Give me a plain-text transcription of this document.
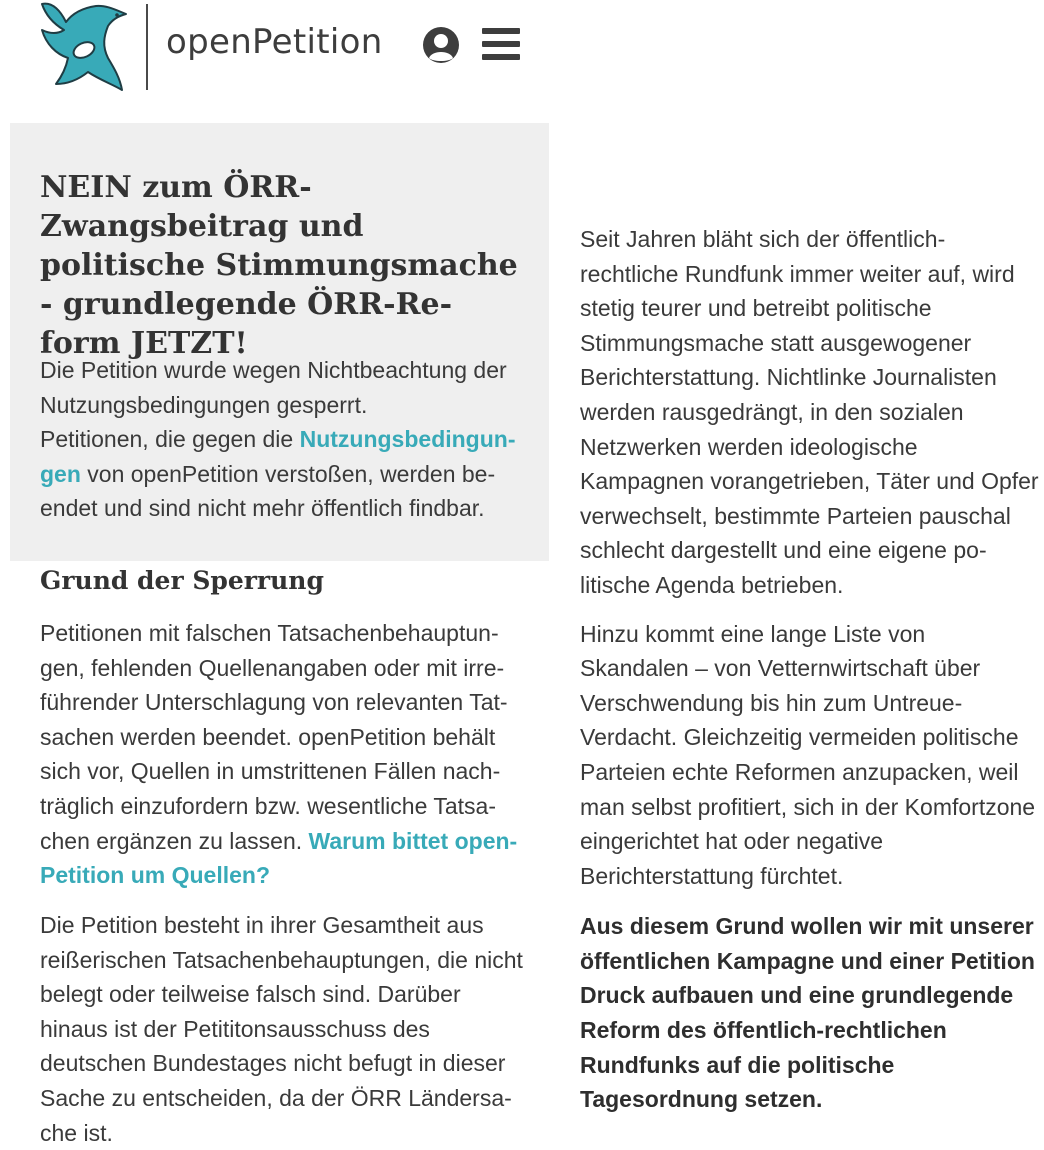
openPetition
NEIN zum ÖRR-Zwangsbeitrag und politische Stimmungsmache - grundlegende ÖRR-Reform JETZT!

Die Petition wurde wegen Nichtbeachtung der Nutzungsbedingungen gesperrt.
Petitionen, die gegen die Nutzungsbedingungen von openPetition verstoßen, werden beendet und sind nicht mehr öffentlich findbar.

Grund der Sperrung

Petitionen mit falschen Tatsachenbehauptungen, fehlenden Quellenangaben oder mit irreführender Unterschlagung von relevanten Tatsachen werden beendet. openPetition behält sich vor, Quellen in umstrittenen Fällen nachträglich einzufordern bzw. wesentliche Tatsachen ergänzen zu lassen. Warum bittet openPetition um Quellen?

Die Petition besteht in ihrer Gesamtheit aus reißerischen Tatsachenbehauptungen, die nicht belegt oder teilweise falsch sind. Darüber hinaus ist der Petititonsausschuss des deutschen Bundestages nicht befugt in dieser Sache zu entscheiden, da der ÖRR Ländersache ist.

Seit Jahren bläht sich der öffentlich-rechtliche Rundfunk immer weiter auf, wird stetig teurer und betreibt politische Stimmungsmache statt ausgewogener Berichterstattung. Nichtlinke Journalisten werden rausgedrängt, in den sozialen Netzwerken werden ideologische Kampagnen vorangetrieben, Täter und Opfer verwechselt, bestimmte Parteien pauschal schlecht dargestellt und eine eigene politische Agenda betrieben.

Hinzu kommt eine lange Liste von Skandalen – von Vetternwirtschaft über Verschwendung bis hin zum Untreue-Verdacht. Gleichzeitig vermeiden politische Parteien echte Reformen anzupacken, weil man selbst profitiert, sich in der Komfortzone eingerichtet hat oder negative Berichterstattung fürchtet.

Aus diesem Grund wollen wir mit unserer öffentlichen Kampagne und einer Petition Druck aufbauen und eine grundlegende Reform des öffentlich-rechtlichen Rundfunks auf die politische Tagesordnung setzen.
